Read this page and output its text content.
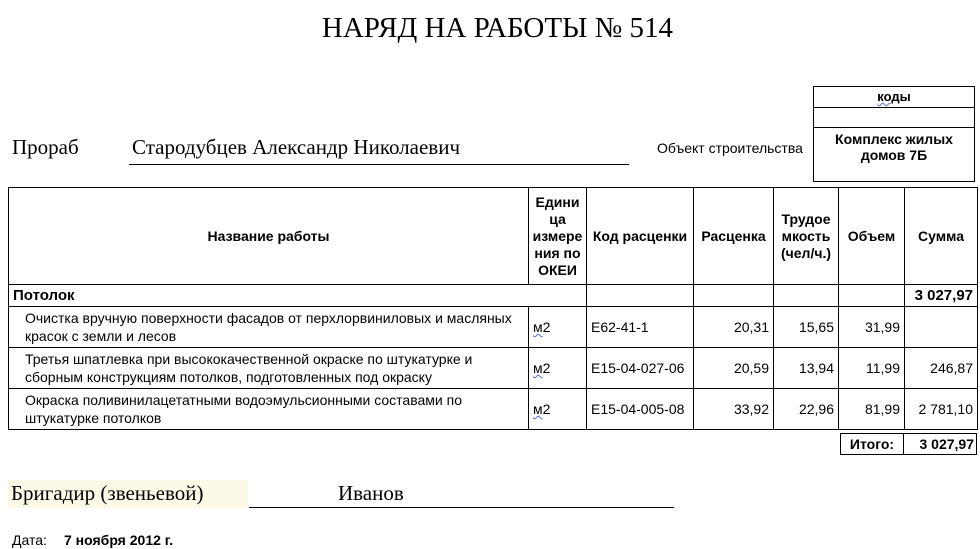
НАРЯД НА РАБОТЫ № 514
коды
Комплекс жилых домов 7Б
Прораб	Стародубцев Александр Николаевич	Объект строительства
Название работы	Едини ца измере ния по ОКЕИ	Код расценки	Расценка	Трудое мкость (чел/ч.)	Объем	Сумма
Потолок						3 027,97
Очистка вручную поверхности фасадов от перхлорвиниловых и масляных красок с земли и лесов	м2	Е62-41-1	20,31	15,65	31,99	
Третья шпатлевка при высококачественной окраске по штукатурке и сборным конструкциям потолков, подготовленных под окраску	м2	Е15-04-027-06	20,59	13,94	11,99	246,87
Окраска поливинилацетатными водоэмульсионными составами по штукатурке потолков	м2	Е15-04-005-08	33,92	22,96	81,99	2 781,10
Итого:	3 027,97
Бригадир (звеньевой)	Иванов
Дата: 7 ноября 2012 г.
